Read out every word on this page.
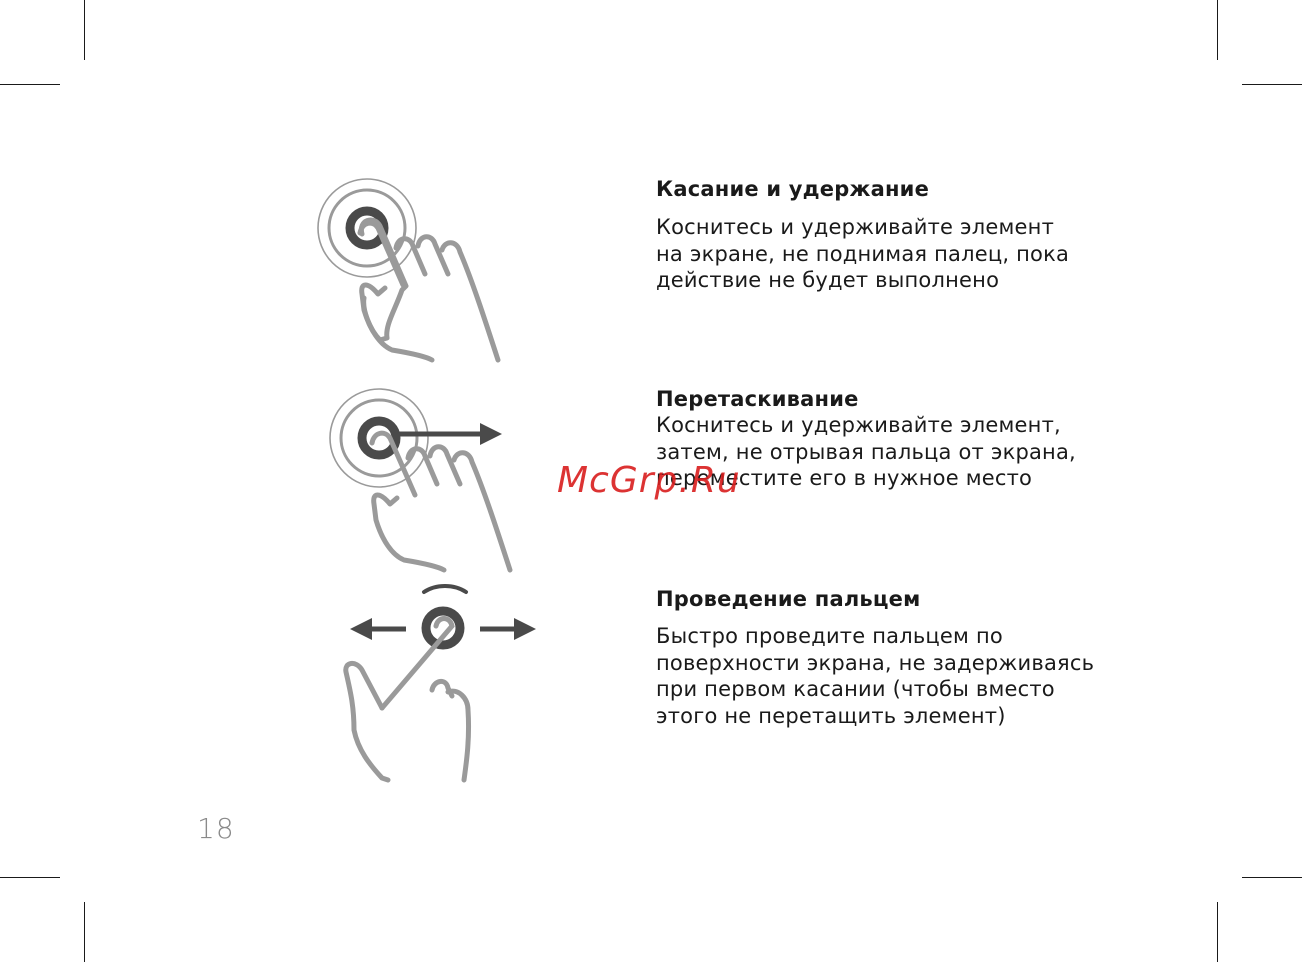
Касание и удержание

Коснитесь и удерживайте элемент
на экране, не поднимая палец, пока
действие не будет выполнено

Перетаскивание

Коснитесь и удерживайте элемент,
затем, не отрывая пальца от экрана,
переместите его в нужное место

Проведение пальцем

Быстро проведите пальцем по
поверхности экрана, не задерживаясь
при первом касании (чтобы вместо
этого не перетащить элемент)

McGrp.Ru
18
